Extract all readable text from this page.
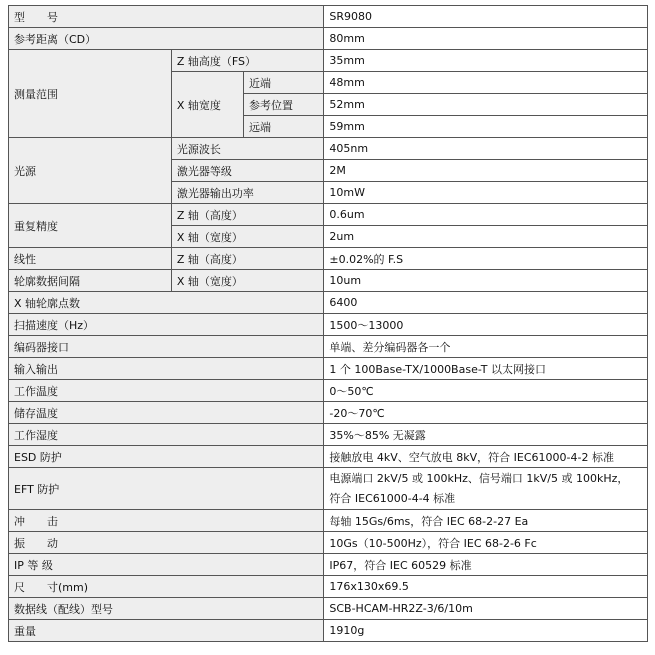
型　　号			SR9080
参考距离（CD）			80mm
测量范围	Z 轴高度（FS）		35mm
	X 轴宽度	近端	48mm
		参考位置	52mm
		远端	59mm
光源	光源波长		405nm
	激光器等级		2M
	激光器输出功率		10mW
重复精度	Z 轴（高度）		0.6um
	X 轴（宽度）		2um
线性	Z 轴（高度）		±0.02%的 F.S
轮廓数据间隔	X 轴（宽度）		10um
X 轴轮廓点数			6400
扫描速度（Hz）			1500～13000
编码器接口			单端、差分编码器各一个
输入输出			1 个 100Base-TX/1000Base-T 以太网接口
工作温度			0～50℃
储存温度			-20～70℃
工作湿度			35%～85% 无凝露
ESD 防护			接触放电 4kV、空气放电 8kV，符合 IEC61000-4-2 标准
EFT 防护			电源端口 2kV/5 或 100kHz、信号端口 1kV/5 或 100kHz，
符合 IEC61000-4-4 标准
冲　　击			每轴 15Gs/6ms，符合 IEC 68-2-27 Ea
振　　动			10Gs（10-500Hz），符合 IEC 68-2-6 Fc
IP 等 级			IP67，符合 IEC 60529 标准
尺　　寸(mm)			176x130x69.5
数据线（配线）型号			SCB-HCAM-HR2Z-3/6/10m
重量			1910g
